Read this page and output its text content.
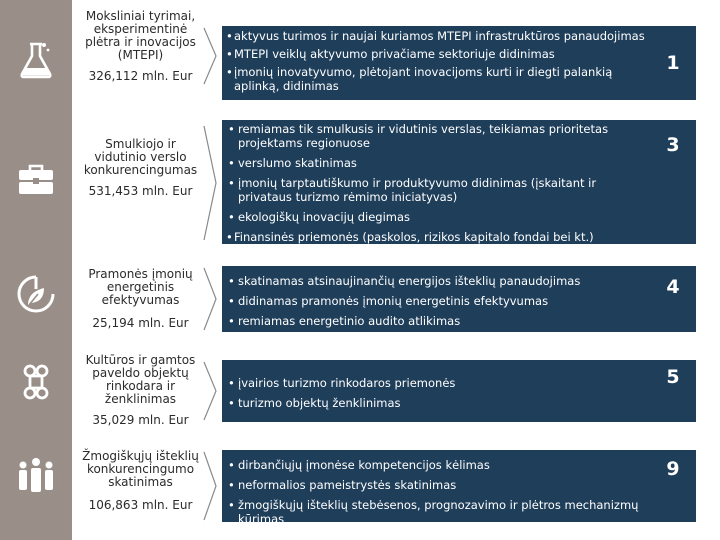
Moksliniai tyrimai, eksperimentinė plėtra ir inovacijos (MTEPI)
326,112 mln. Eur
Smulkiojo ir vidutinio verslo konkurencingumas
531,453 mln. Eur
Pramonės įmonių energetinis efektyvumas
25,194 mln. Eur
Kultūros ir gamtos paveldo objektų rinkodara ir ženklinimas
35,029 mln. Eur
Žmogiškųjų išteklių konkurencingumo skatinimas
106,863 mln. Eur
• aktyvus turimos ir naujai kuriamos MTEPI infrastruktūros panaudojimas
• MTEPI veiklų aktyvumo privačiame sektoriuje didinimas
• įmonių inovatyvumo, plėtojant inovacijoms kurti ir diegti palankią aplinką, didinimas
1
• remiamas tik smulkusis ir vidutinis verslas, teikiamas prioritetas projektams regionuose
• verslumo skatinimas
• įmonių tarptautiškumo ir produktyvumo didinimas (įskaitant ir privataus turizmo rėmimo iniciatyvas)
• ekologiškų inovacijų diegimas
• Finansinės priemonės (paskolos, rizikos kapitalo fondai bei kt.)
3
• skatinamas atsinaujinančių energijos išteklių panaudojimas
• didinamas pramonės įmonių energetinis efektyvumas
• remiamas energetinio audito atlikimas
4
• įvairios turizmo rinkodaros priemonės
• turizmo objektų ženklinimas
5
• dirbančiųjų įmonėse kompetencijos kėlimas
• neformalios pameistrystės skatinimas
• žmogiškųjų išteklių stebėsenos, prognozavimo ir plėtros mechanizmų kūrimas
9
